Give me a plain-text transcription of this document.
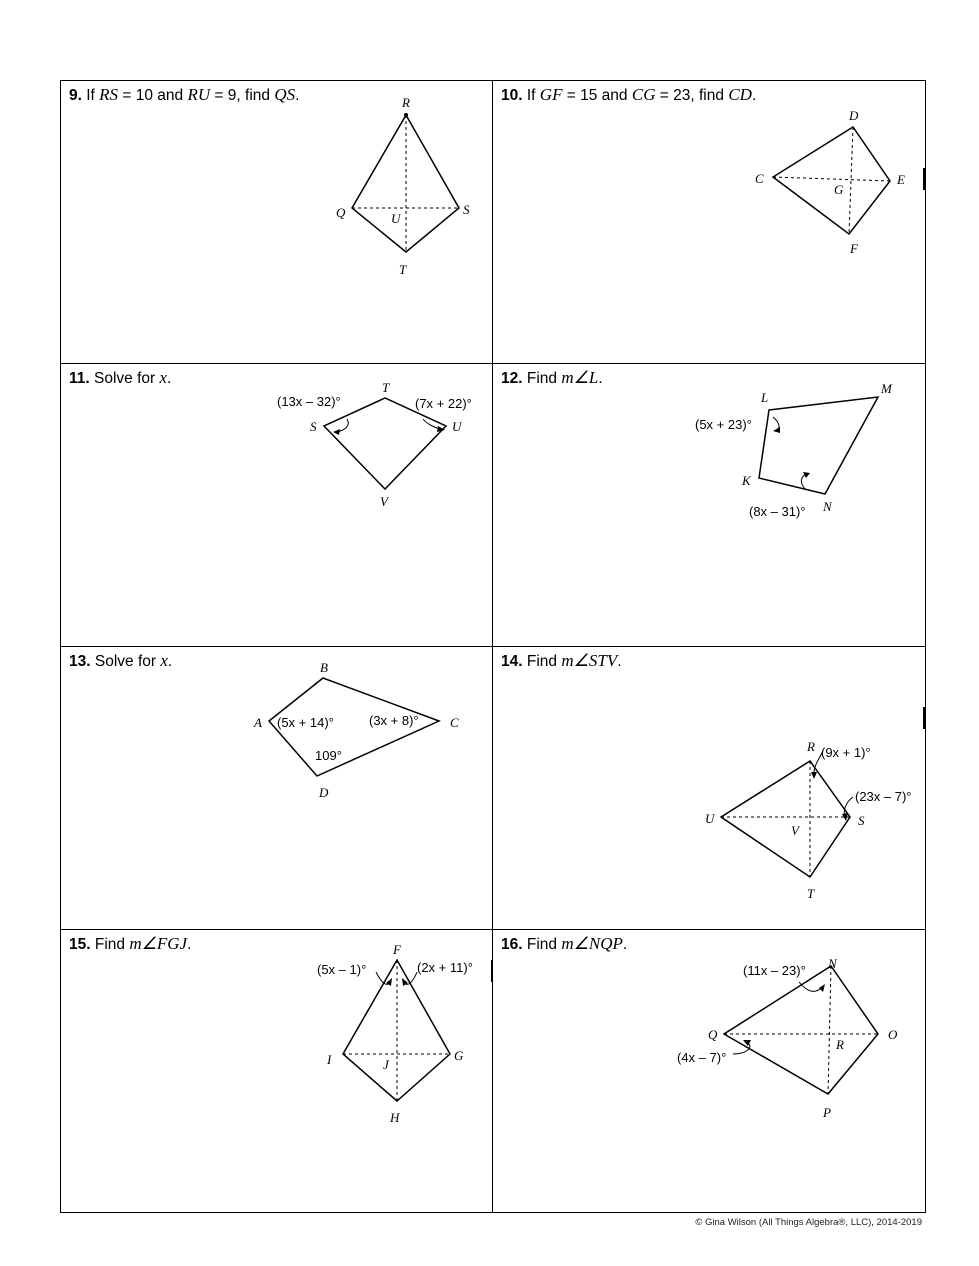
9. If RS = 10 and RU = 9, find QS.	R
Q	U
S
T
10. If GF = 15 and CG = 23, find CD.
D
C
G
E
F
11. Solve for x.
T
S	U
V
(13x – 32)°	(7x + 22)°
12. Find m∠L.
L
M
K
N
(5x + 23)°
(8x – 31)°
13. Solve for x.	B
A	C
D
(5x + 14)°	(3x + 8)°
109°
14. Find m∠STV.
R
U
V
S
T
(9x + 1)°
(23x – 7)°
15. Find m∠FGJ.	F
I	J
G
H
(5x – 1)°	(2x + 11)°
16. Find m∠NQP.
N
Q
R
O
P
(11x – 23)°
(4x – 7)°
© Gina Wilson (All Things Algebra®, LLC), 2014-2019
